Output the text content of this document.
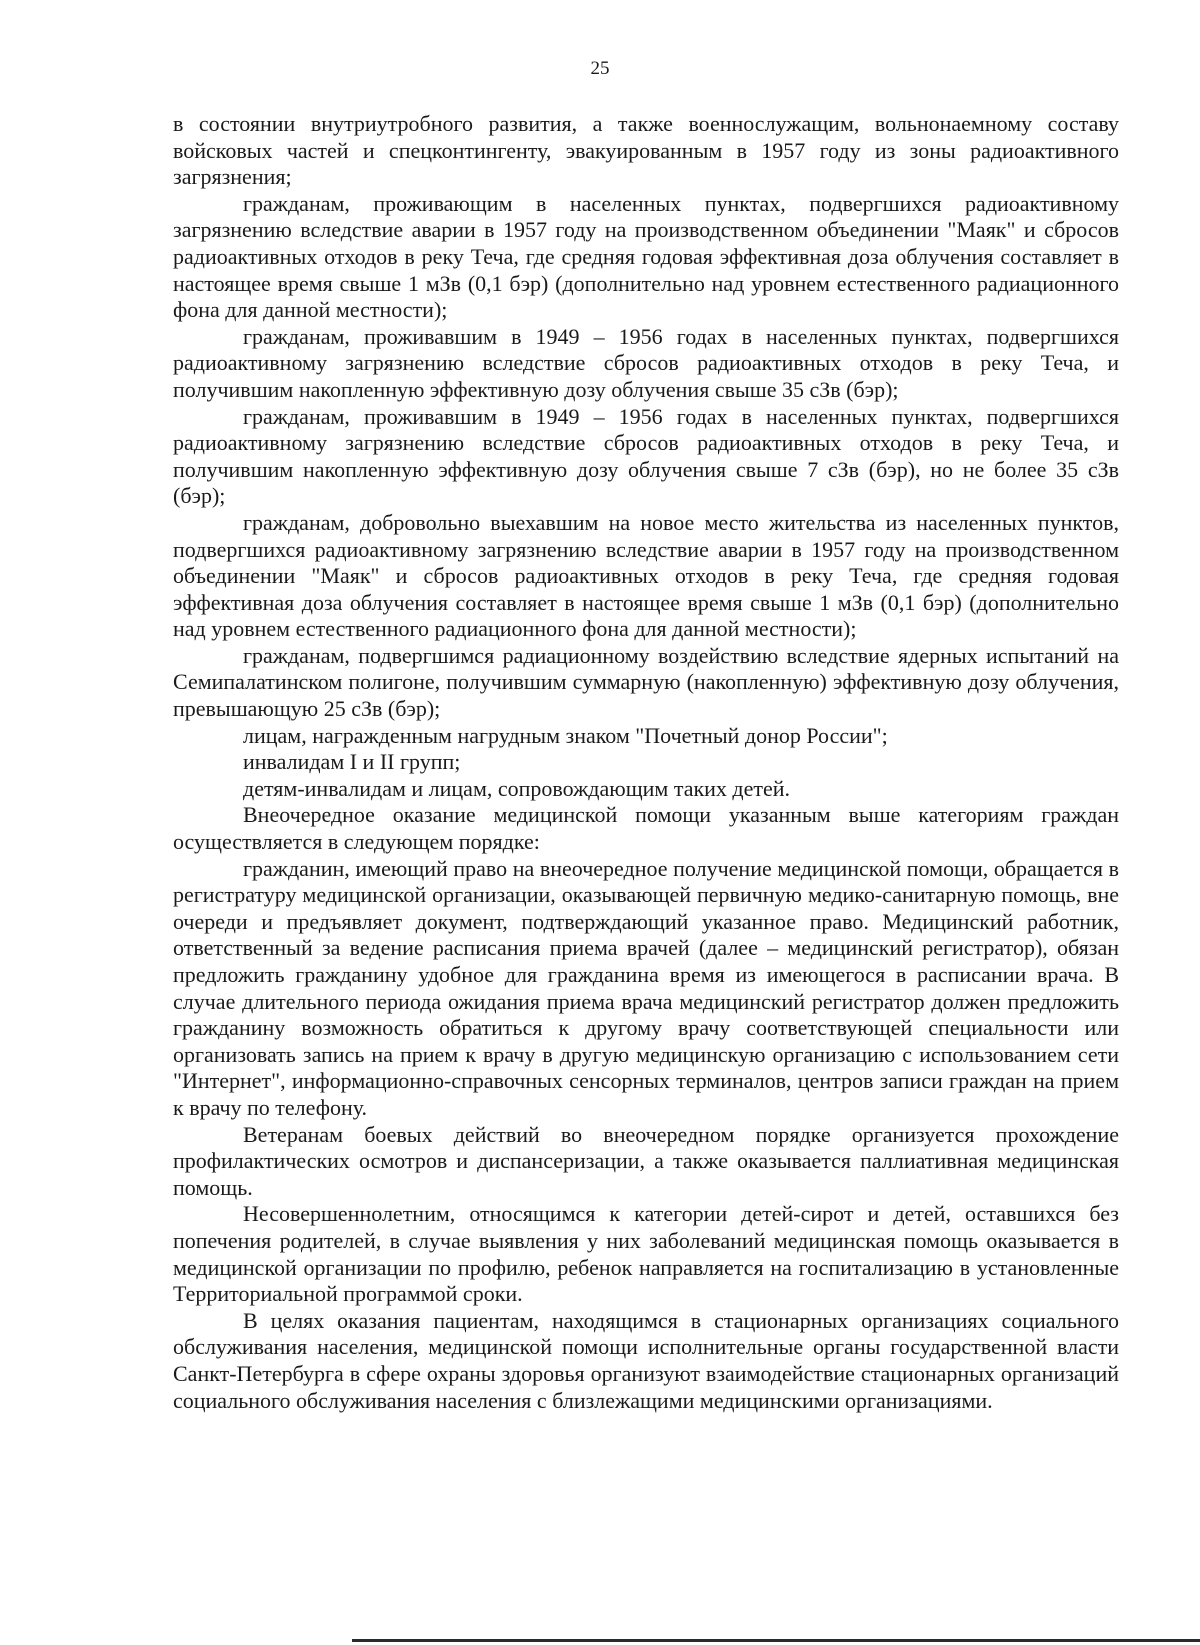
25

в состоянии внутриутробного развития, а также военнослужащим, вольнонаемному составу войсковых частей и спецконтингенту, эвакуированным в 1957 году из зоны радиоактивного загрязнения;

гражданам, проживающим в населенных пунктах, подвергшихся радиоактивному загрязнению вследствие аварии в 1957 году на производственном объединении "Маяк" и сбросов радиоактивных отходов в реку Теча, где средняя годовая эффективная доза облучения составляет в настоящее время свыше 1 мЗв (0,1 бэр) (дополнительно над уровнем естественного радиационного фона для данной местности);

гражданам, проживавшим в 1949 – 1956 годах в населенных пунктах, подвергшихся радиоактивному загрязнению вследствие сбросов радиоактивных отходов в реку Теча, и получившим накопленную эффективную дозу облучения свыше 35 сЗв (бэр);

гражданам, проживавшим в 1949 – 1956 годах в населенных пунктах, подвергшихся радиоактивному загрязнению вследствие сбросов радиоактивных отходов в реку Теча, и получившим накопленную эффективную дозу облучения свыше 7 сЗв (бэр), но не более 35 сЗв (бэр);

гражданам, добровольно выехавшим на новое место жительства из населенных пунктов, подвергшихся радиоактивному загрязнению вследствие аварии в 1957 году на производственном объединении "Маяк" и сбросов радиоактивных отходов в реку Теча, где средняя годовая эффективная доза облучения составляет в настоящее время свыше 1 мЗв (0,1 бэр) (дополнительно над уровнем естественного радиационного фона для данной местности);

гражданам, подвергшимся радиационному воздействию вследствие ядерных испытаний на Семипалатинском полигоне, получившим суммарную (накопленную) эффективную дозу облучения, превышающую 25 сЗв (бэр);

лицам, награжденным нагрудным знаком "Почетный донор России";

инвалидам I и II групп;

детям-инвалидам и лицам, сопровождающим таких детей.

Внеочередное оказание медицинской помощи указанным выше категориям граждан осуществляется в следующем порядке:

гражданин, имеющий право на внеочередное получение медицинской помощи, обращается в регистратуру медицинской организации, оказывающей первичную медико-санитарную помощь, вне очереди и предъявляет документ, подтверждающий указанное право. Медицинский работник, ответственный за ведение расписания приема врачей (далее – медицинский регистратор), обязан предложить гражданину удобное для гражданина время из имеющегося в расписании врача. В случае длительного периода ожидания приема врача медицинский регистратор должен предложить гражданину возможность обратиться к другому врачу соответствующей специальности или организовать запись на прием к врачу в другую медицинскую организацию с использованием сети "Интернет", информационно-справочных сенсорных терминалов, центров записи граждан на прием к врачу по телефону.

Ветеранам боевых действий во внеочередном порядке организуется прохождение профилактических осмотров и диспансеризации, а также оказывается паллиативная медицинская помощь.

Несовершеннолетним, относящимся к категории детей-сирот и детей, оставшихся без попечения родителей, в случае выявления у них заболеваний медицинская помощь оказывается в медицинской организации по профилю, ребенок направляется на госпитализацию в установленные Территориальной программой сроки.

В целях оказания пациентам, находящимся в стационарных организациях социального обслуживания населения, медицинской помощи исполнительные органы государственной власти Санкт-Петербурга в сфере охраны здоровья организуют взаимодействие стационарных организаций социального обслуживания населения с близлежащими медицинскими организациями.
